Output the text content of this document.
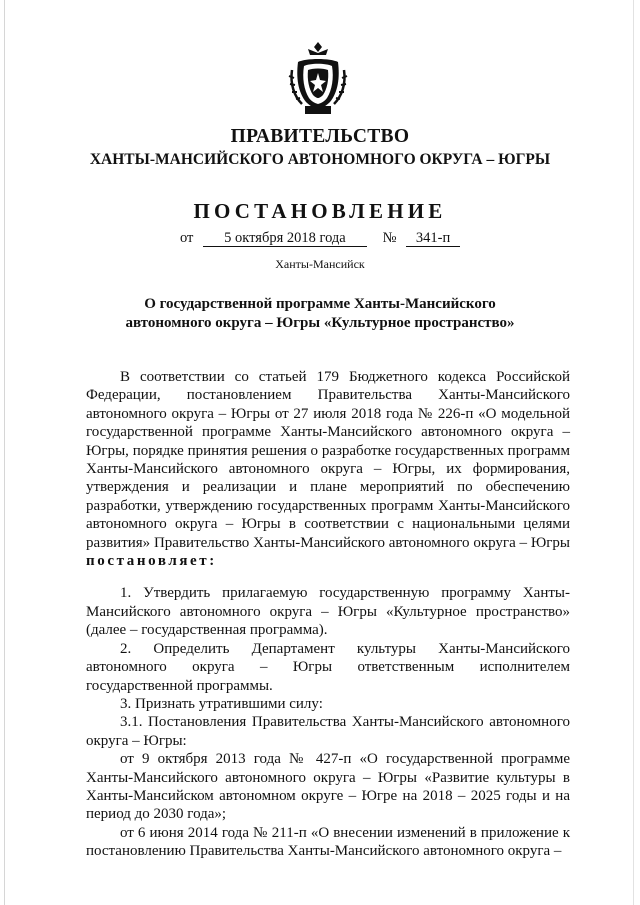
ПРАВИТЕЛЬСТВО
ХАНТЫ-МАНСИЙСКОГО АВТОНОМНОГО ОКРУГА – ЮГРЫ
ПОСТАНОВЛЕНИЕ
от 5 октября 2018 года	№ 341-п
Ханты-Мансийск
О государственной программе Ханты-Мансийского автономного округа – Югры «Культурное пространство»

В соответствии со статьей 179 Бюджетного кодекса Российской Федерации, постановлением Правительства Ханты-Мансийского автономного округа – Югры от 27 июля 2018 года № 226-п «О модельной государственной программе Ханты-Мансийского автономного округа – Югры, порядке принятия решения о разработке государственных программ Ханты-Мансийского автономного округа – Югры, их формирования, утверждения и реализации и плане мероприятий по обеспечению разработки, утверждению государственных программ Ханты-Мансийского автономного округа – Югры в соответствии с национальными целями развития» Правительство Ханты-Мансийского автономного округа – Югры постановляет:

1. Утвердить прилагаемую государственную программу Ханты-Мансийского автономного округа – Югры «Культурное пространство» (далее – государственная программа).

2. Определить Департамент культуры Ханты-Мансийского автономного округа – Югры ответственным исполнителем государственной программы.

3. Признать утратившими силу:

3.1. Постановления Правительства Ханты-Мансийского автономного округа – Югры:

от 9 октября 2013 года № 427-п «О государственной программе Ханты-Мансийского автономного округа – Югры «Развитие культуры в Ханты-Мансийском автономном округе – Югре на 2018 – 2025 годы и на период до 2030 года»;

от 6 июня 2014 года № 211-п «О внесении изменений в приложение к постановлению Правительства Ханты-Мансийского автономного округа –
